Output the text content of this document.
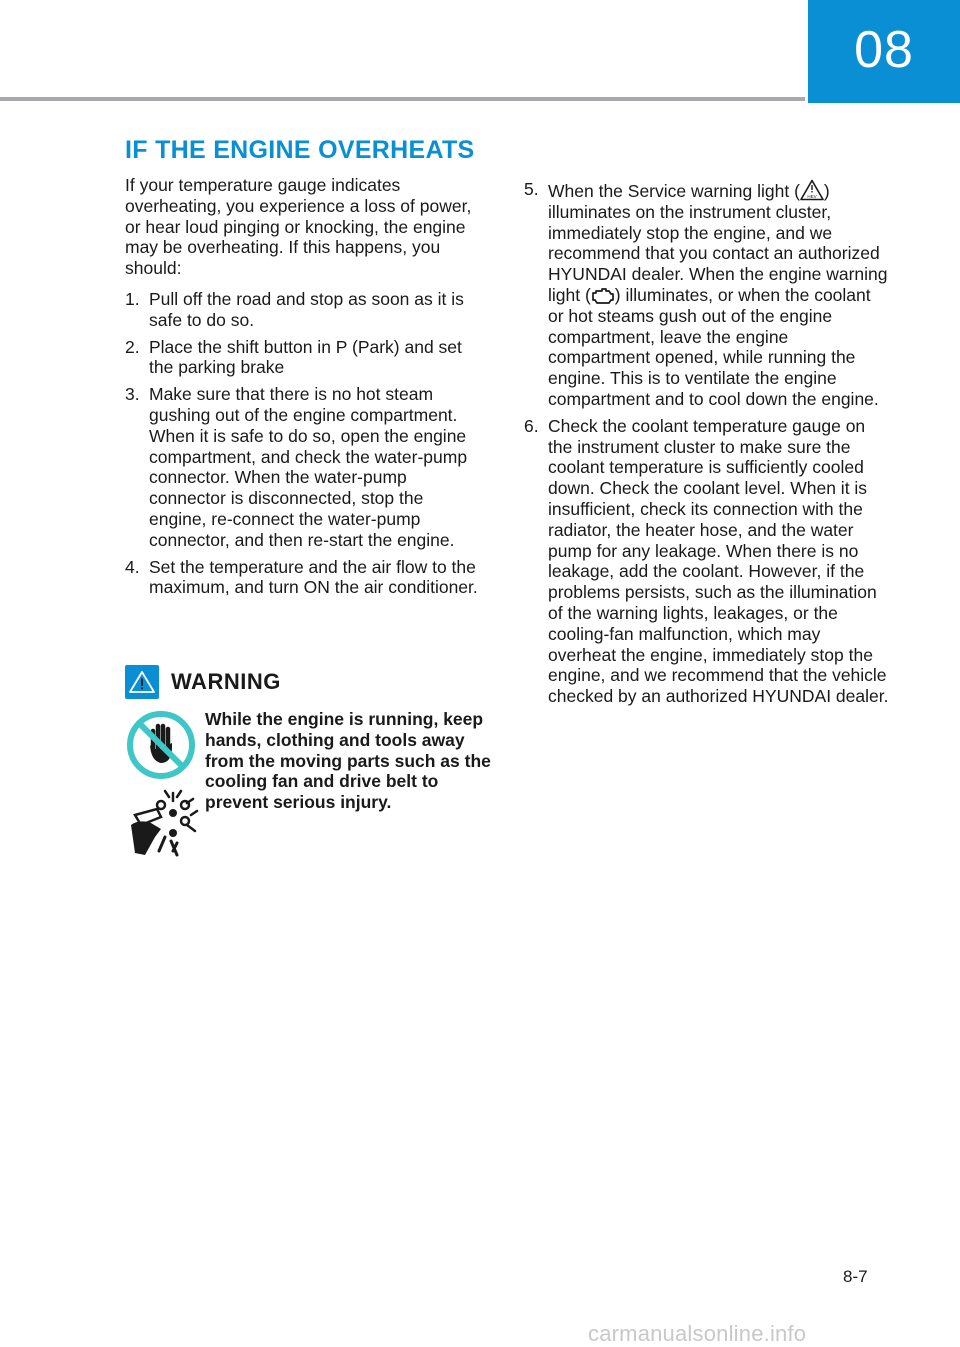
08
IF THE ENGINE OVERHEATS

If your temperature gauge indicates overheating, you experience a loss of power, or hear loud pinging or knocking, the engine may be overheating. If this happens, you should:

1. Pull off the road and stop as soon as it is safe to do so.
2. Place the shift button in P (Park) and set the parking brake
3. Make sure that there is no hot steam gushing out of the engine compartment. When it is safe to do so, open the engine compartment, and check the water-pump connector. When the water-pump connector is disconnected, stop the engine, re-connect the water-pump connector, and then re-start the engine.
4. Set the temperature and the air flow to the maximum, and turn ON the air conditioner.
WARNING
While the engine is running, keep hands, clothing and tools away from the moving parts such as the cooling fan and drive belt to prevent serious injury.
5. When the Service warning light ( HEV ) illuminates on the instrument cluster, immediately stop the engine, and we recommend that you contact an authorized HYUNDAI dealer. When the engine warning light ( ) illuminates, or when the coolant or hot steams gush out of the engine compartment, leave the engine compartment opened, while running the engine. This is to ventilate the engine compartment and to cool down the engine.
6. Check the coolant temperature gauge on the instrument cluster to make sure the coolant temperature is sufficiently cooled down. Check the coolant level. When it is insufficient, check its connection with the radiator, the heater hose, and the water pump for any leakage. When there is no leakage, add the coolant. However, if the problems persists, such as the illumination of the warning lights, leakages, or the cooling-fan malfunction, which may overheat the engine, immediately stop the engine, and we recommend that the vehicle checked by an authorized HYUNDAI dealer.
8-7
carmanualsonline.info
